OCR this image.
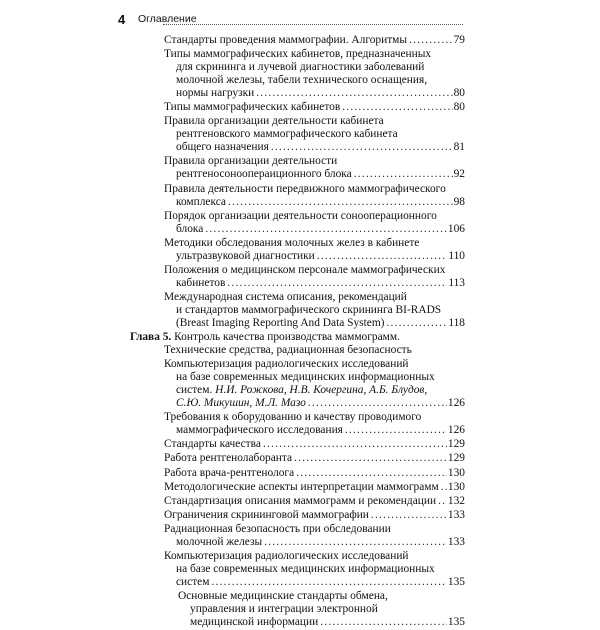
4 Оглавление
Стандарты проведения маммографии. Алгоритмы .....	79
Типы маммографических кабинетов, предназначенных
для скрининга и лучевой диагностики заболеваний
молочной железы, табели технического оснащения,
нормы нагрузки .....	80
Типы маммографических кабинетов .....	80
Правила организации деятельности кабинета
рентгеновского маммографического кабинета
общего назначения .....	81
Правила организации деятельности
рентгеносоноопераиционного блока .....	92
Правила деятельности передвижного маммографического
комплекса .....	98
Порядок организации деятельности сонооперационного
блока .....	106
Методики обследования молочных желез в кабинете
ультразвуковой диагностики .....	110
Положения о медицинском персонале маммографических
кабинетов .....	113
Международная система описания, рекомендаций
и стандартов маммографического скрининга BI-RADS
(Breast Imaging Reporting And Data System) .....	118
Глава 5. Контроль качества производства маммограмм.
Технические средства, радиационная безопасность
Компьютеризация радиологических исследований
на базе современных медицинских информационных
систем. Н.И. Рожкова, Н.В. Кочергина, А.Б. Блудов,
С.Ю. Микушин, М.Л. Мазо .....	126
Требования к оборудованию и качеству проводимого
маммографического исследования .....	126
Стандарты качества .....	129
Работа рентгенолаборанта .....	129
Работа врача-рентгенолога .....	130
Методологические аспекты интерпретации маммограмм ..... 130
Стандартизация описания маммограмм и рекомендации ..... 132
Ограничения скрининговой маммографии .....	133
Радиационная безопасность при обследовании
молочной железы .....	133
Компьютеризация радиологических исследований
на базе современных медицинских информационных
систем .....	135
Основные медицинские стандарты обмена,
управления и интеграции электронной
медицинской информации .....	135
